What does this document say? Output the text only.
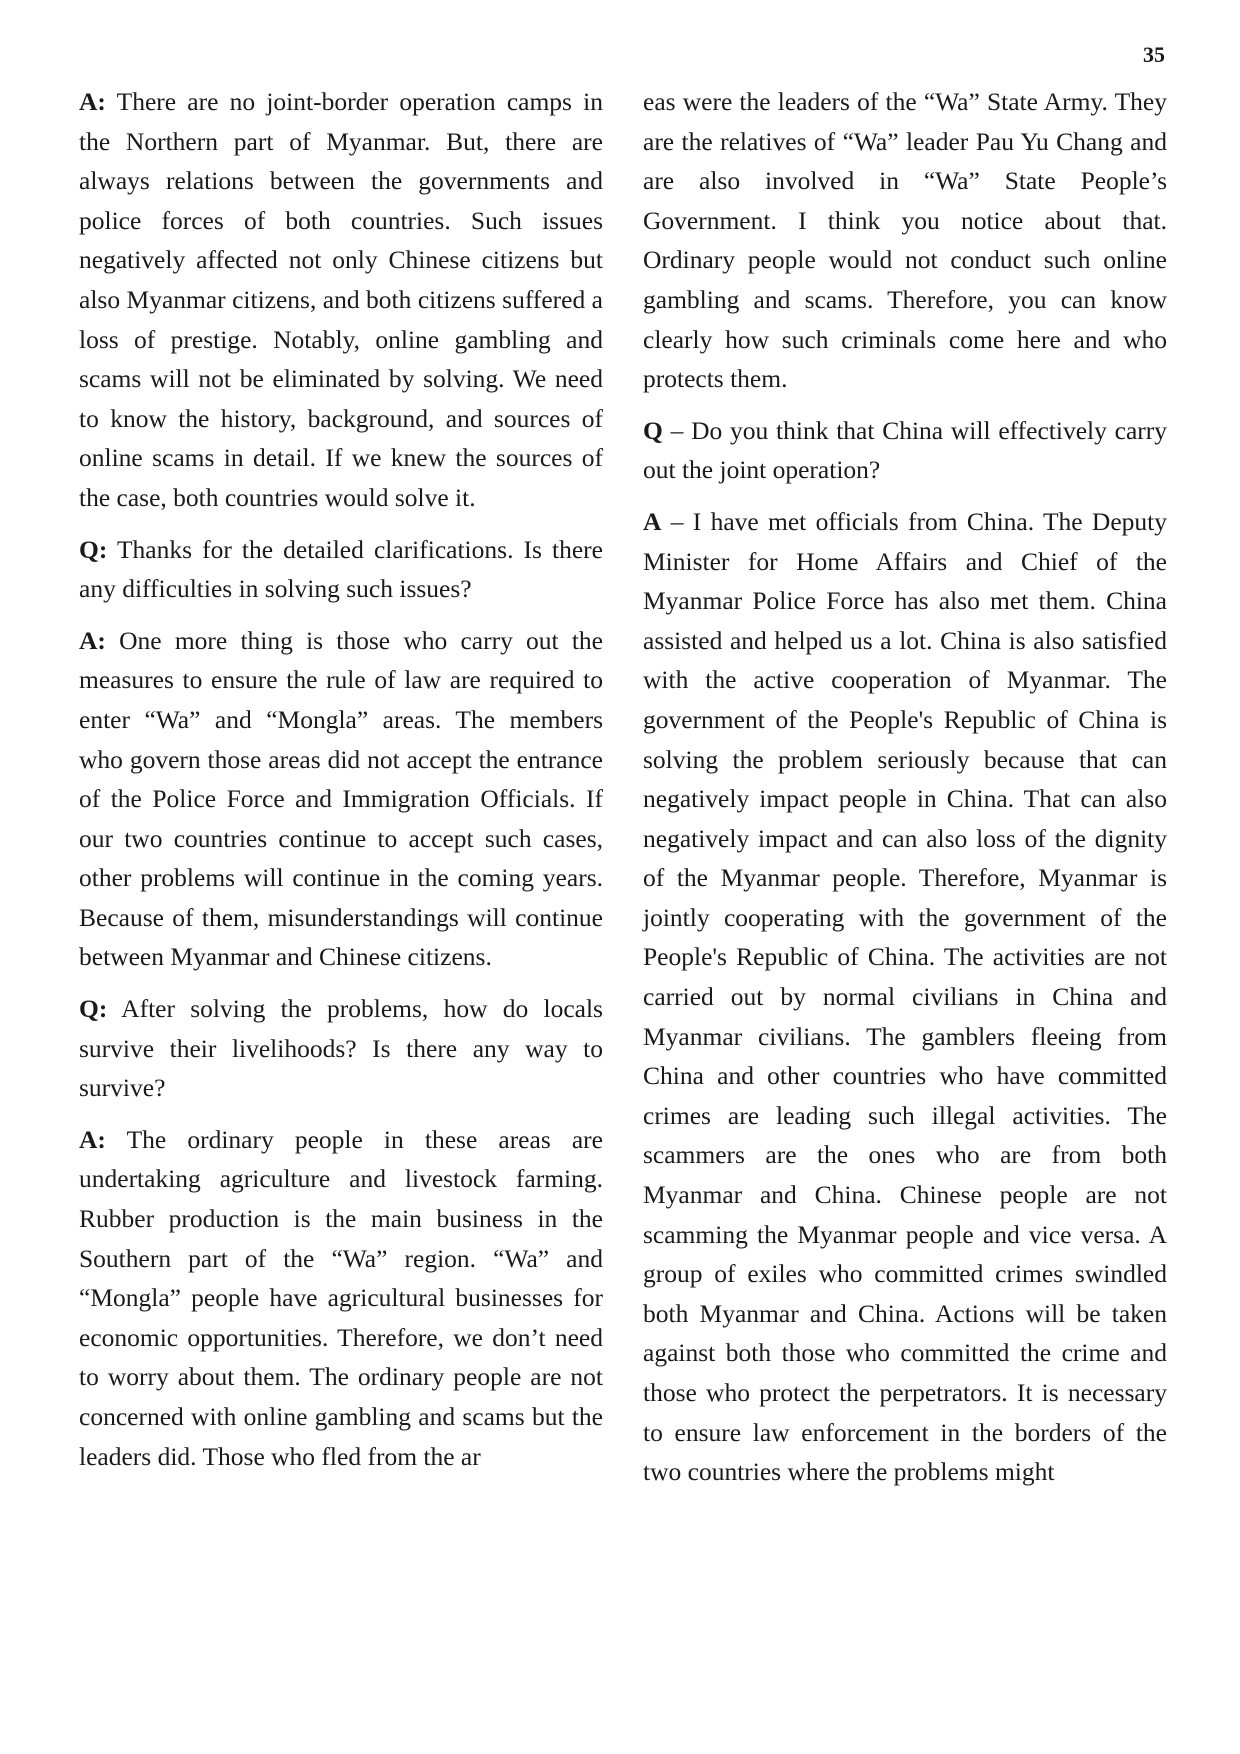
35

A: There are no joint-border operation camps in the Northern part of Myanmar. But, there are always relations between the governments and police forces of both countries. Such issues negatively affected not only Chinese citizens but also Myanmar citizens, and both citizens suffered a loss of prestige. Notably, online gambling and scams will not be eliminated by solving. We need to know the history, background, and sources of online scams in detail. If we knew the sources of the case, both countries would solve it.

Q: Thanks for the detailed clarifications. Is there any difficulties in solving such issues?

A: One more thing is those who carry out the measures to ensure the rule of law are required to enter “Wa” and “Mongla” areas. The members who govern those areas did not accept the entrance of the Police Force and Immigration Officials. If our two countries continue to accept such cases, other problems will continue in the coming years. Because of them, misunderstandings will continue between Myanmar and Chinese citizens.

Q: After solving the problems, how do locals survive their livelihoods? Is there any way to survive?

A: The ordinary people in these areas are undertaking agriculture and livestock farming. Rubber production is the main business in the Southern part of the “Wa” region. “Wa” and “Mongla” people have agricultural businesses for economic opportunities. Therefore, we don’t need to worry about them. The ordinary people are not concerned with online gambling and scams but the leaders did. Those who fled from the ar

eas were the leaders of the “Wa” State Army. They are the relatives of “Wa” leader Pau Yu Chang and are also involved in “Wa” State People’s Government. I think you notice about that. Ordinary people would not conduct such online gambling and scams. Therefore, you can know clearly how such criminals come here and who protects them.

Q – Do you think that China will effectively carry out the joint operation?

A – I have met officials from China. The Deputy Minister for Home Affairs and Chief of the Myanmar Police Force has also met them. China assisted and helped us a lot. China is also satisfied with the active cooperation of Myanmar. The government of the People's Republic of China is solving the problem seriously because that can negatively impact people in China. That can also negatively impact and can also loss of the dignity of the Myanmar people. Therefore, Myanmar is jointly cooperating with the government of the People's Republic of China. The activities are not carried out by normal civilians in China and Myanmar civilians. The gamblers fleeing from China and other countries who have committed crimes are leading such illegal activities. The scammers are the ones who are from both Myanmar and China. Chinese people are not scamming the Myanmar people and vice versa. A group of exiles who committed crimes swindled both Myanmar and China. Actions will be taken against both those who committed the crime and those who protect the perpetrators. It is necessary to ensure law enforcement in the borders of the two countries where the problems might
